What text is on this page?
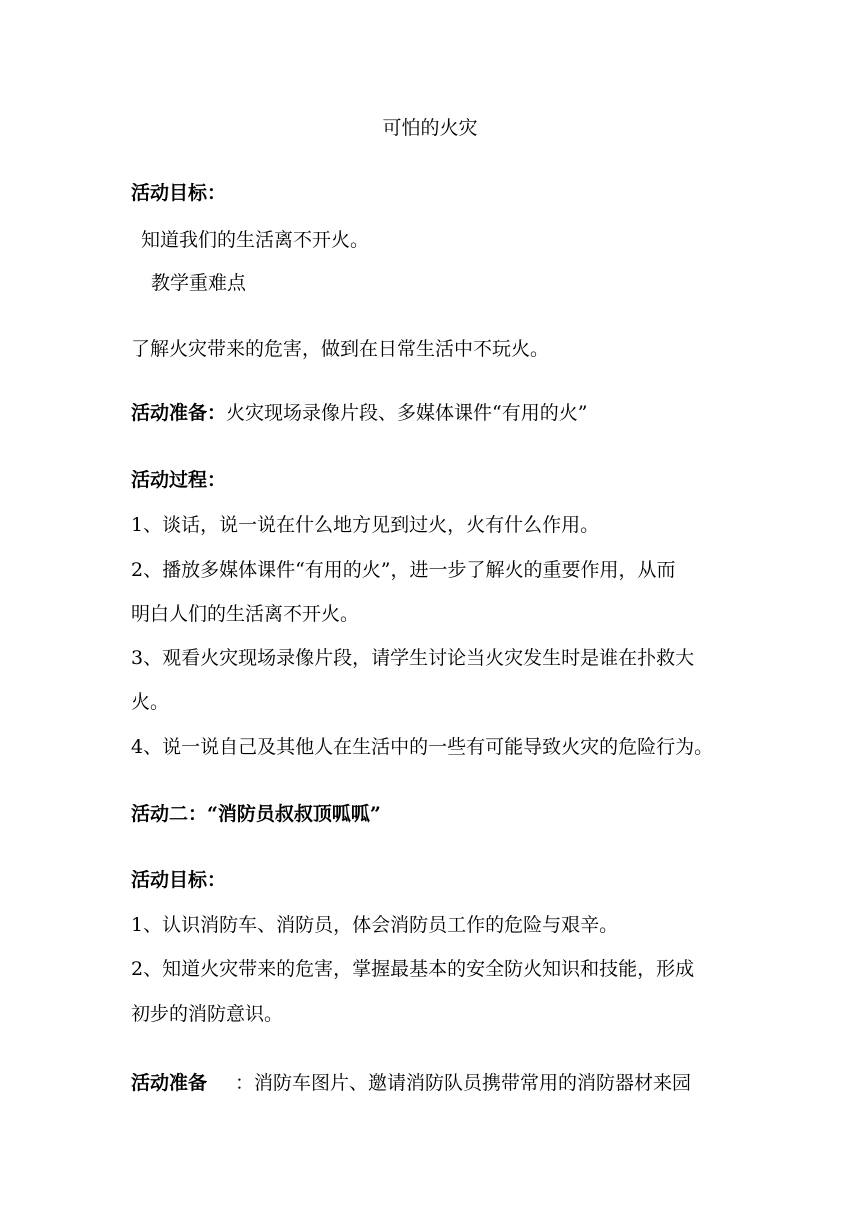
可怕的火灾
活动目标：
知道我们的生活离不开火。
教学重难点
了解火灾带来的危害，做到在日常生活中不玩火。
活动准备：火灾现场录像片段、多媒体课件“有用的火”
活动过程：
1、谈话，说一说在什么地方见到过火，火有什么作用。
2、播放多媒体课件“有用的火”，进一步了解火的重要作用，从而
明白人们的生活离不开火。
3、观看火灾现场录像片段，请学生讨论当火灾发生时是谁在扑救大
火。
4、说一说自己及其他人在生活中的一些有可能导致火灾的危险行为。
活动二：“消防员叔叔顶呱呱”
活动目标：
1、认识消防车、消防员，体会消防员工作的危险与艰辛。
2、知道火灾带来的危害，掌握最基本的安全防火知识和技能，形成
初步的消防意识。
活动准备 ：消防车图片、邀请消防队员携带常用的消防器材来园
